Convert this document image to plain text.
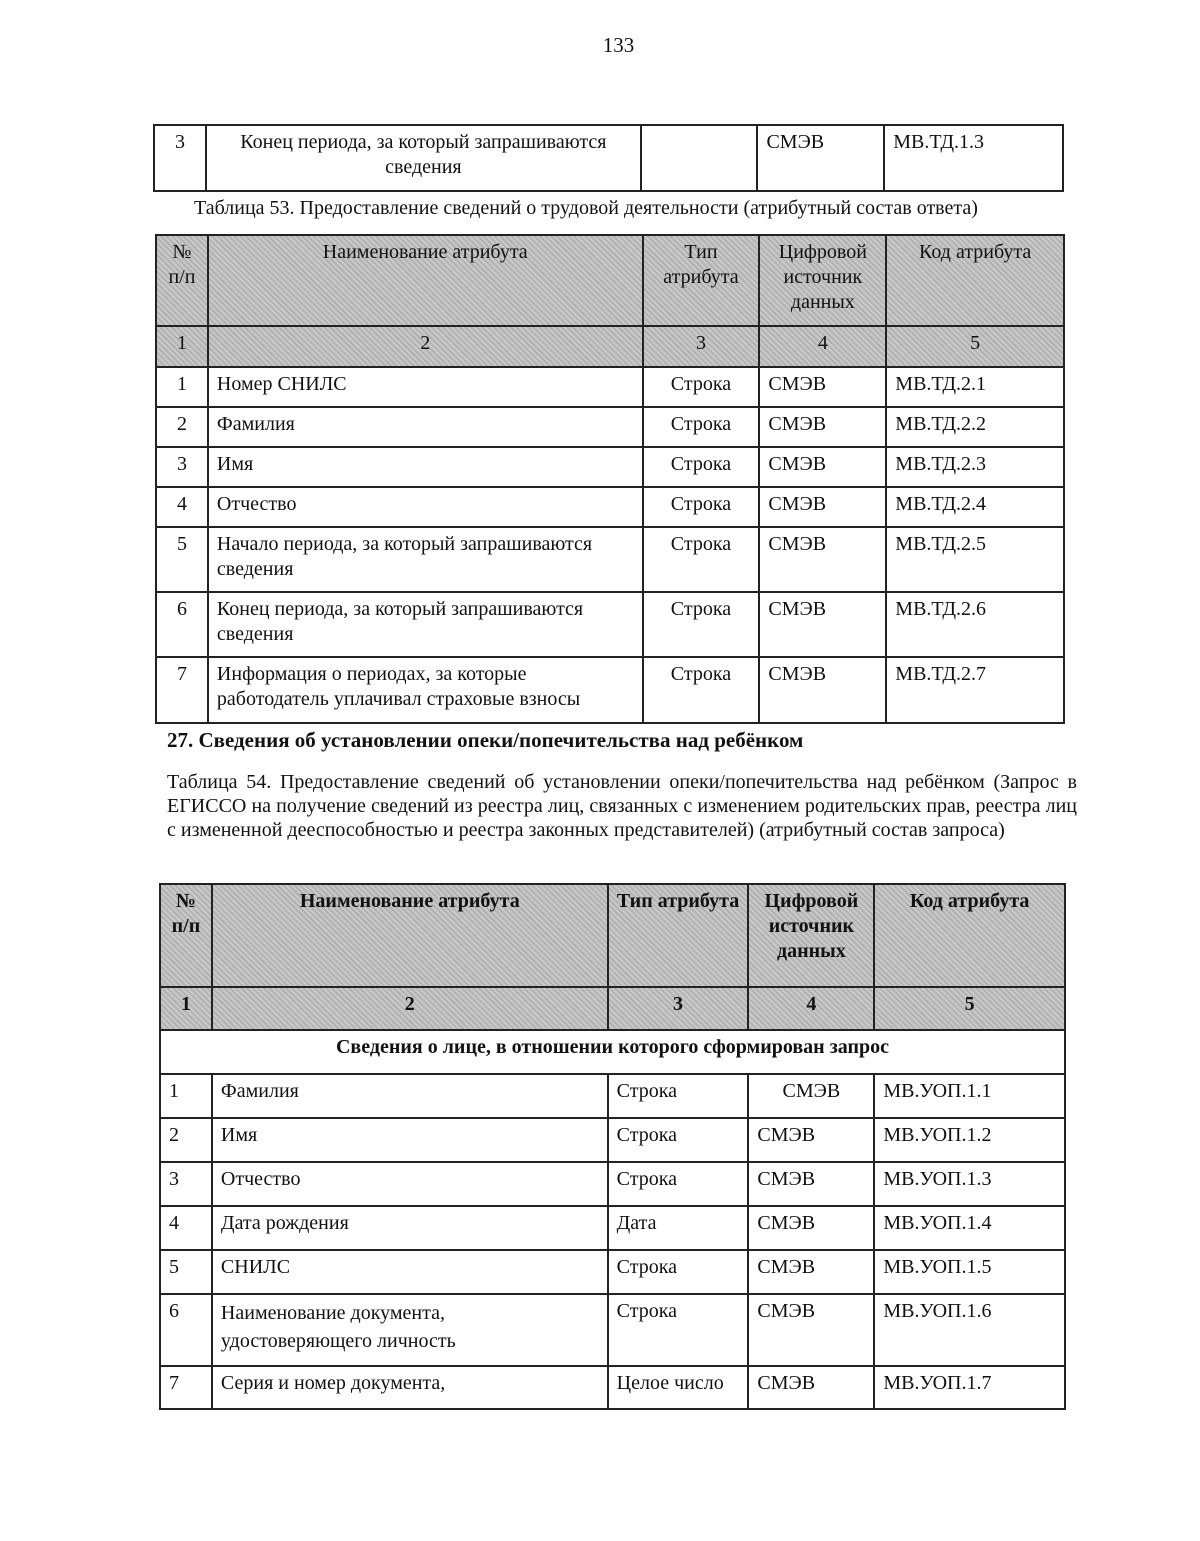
133
3	Конец периода, за который запрашиваются сведения		СМЭВ	МВ.ТД.1.3
Таблица 53. Предоставление сведений о трудовой деятельности (атрибутный состав ответа)
№ п/п	Наименование атрибута	Тип атрибута	Цифровой источник данных	Код атрибута
1	2	3	4	5
1	Номер СНИЛС	Строка	СМЭВ	МВ.ТД.2.1
2	Фамилия	Строка	СМЭВ	МВ.ТД.2.2
3	Имя	Строка	СМЭВ	МВ.ТД.2.3
4	Отчество	Строка	СМЭВ	МВ.ТД.2.4
5	Начало периода, за который запрашиваются сведения	Строка	СМЭВ	МВ.ТД.2.5
6	Конец периода, за который запрашиваются сведения	Строка	СМЭВ	МВ.ТД.2.6
7	Информация о периодах, за которые работодатель уплачивал страховые взносы	Строка	СМЭВ	МВ.ТД.2.7
27. Сведения об установлении опеки/попечительства над ребёнком
Таблица 54. Предоставление сведений об установлении опеки/попечительства над ребёнком (Запрос в ЕГИССО на получение сведений из реестра лиц, связанных с изменением родительских прав, реестра лиц с измененной дееспособностью и реестра законных представителей) (атрибутный состав запроса)
№ п/п	Наименование атрибута	Тип атрибута	Цифровой источник данных	Код атрибута
1	2	3	4	5
Сведения о лице, в отношении которого сформирован запрос				
1	Фамилия	Строка	СМЭВ	МВ.УОП.1.1
2	Имя	Строка	СМЭВ	МВ.УОП.1.2
3	Отчество	Строка	СМЭВ	МВ.УОП.1.3
4	Дата рождения	Дата	СМЭВ	МВ.УОП.1.4
5	СНИЛС	Строка	СМЭВ	МВ.УОП.1.5
6	Наименование документа, удостоверяющего личность	Строка	СМЭВ	МВ.УОП.1.6
7	Серия и номер документа,	Целое число	СМЭВ	МВ.УОП.1.7
